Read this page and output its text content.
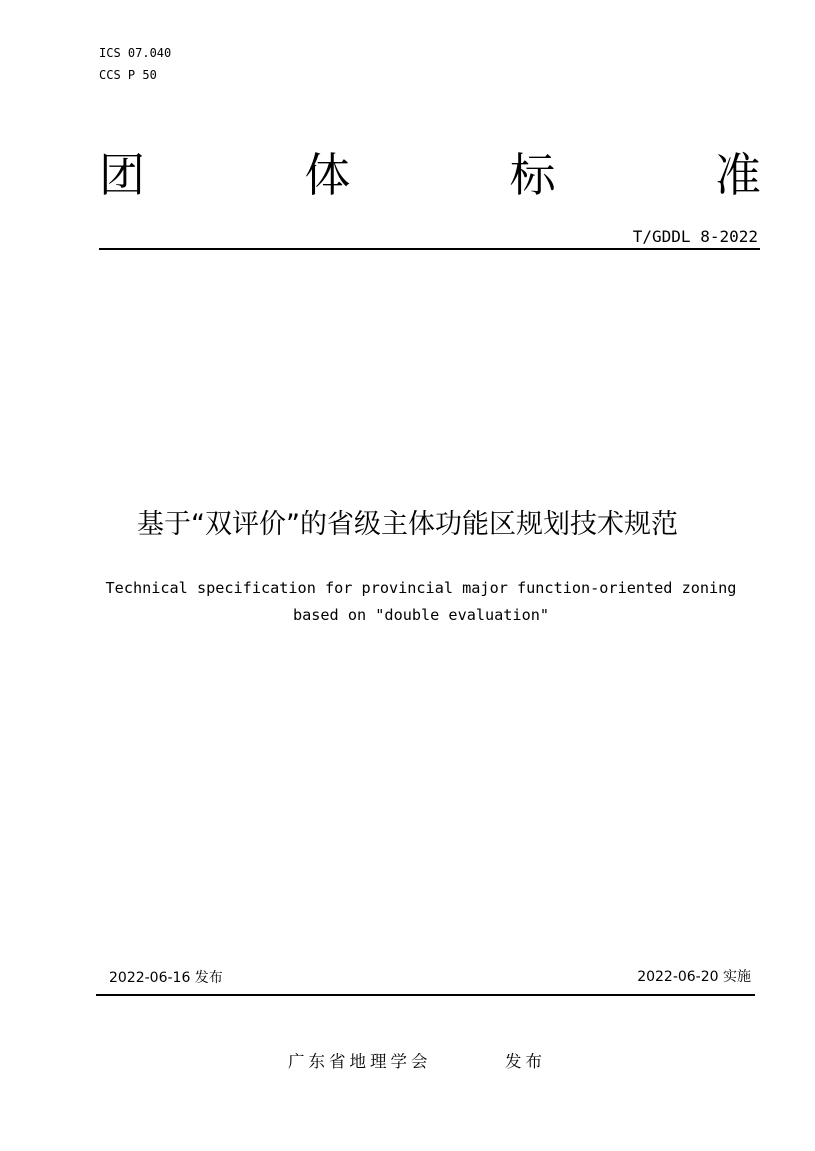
ICS 07.040
CCS P 50
团	体	标	准
T/GDDL 8-2022
基于“双评价”的省级主体功能区规划技术规范
Technical specification for provincial major function-oriented zoning
based on "double evaluation"
2022-06-16 发布	2022-06-20 实施
广东省地理学会	发布
